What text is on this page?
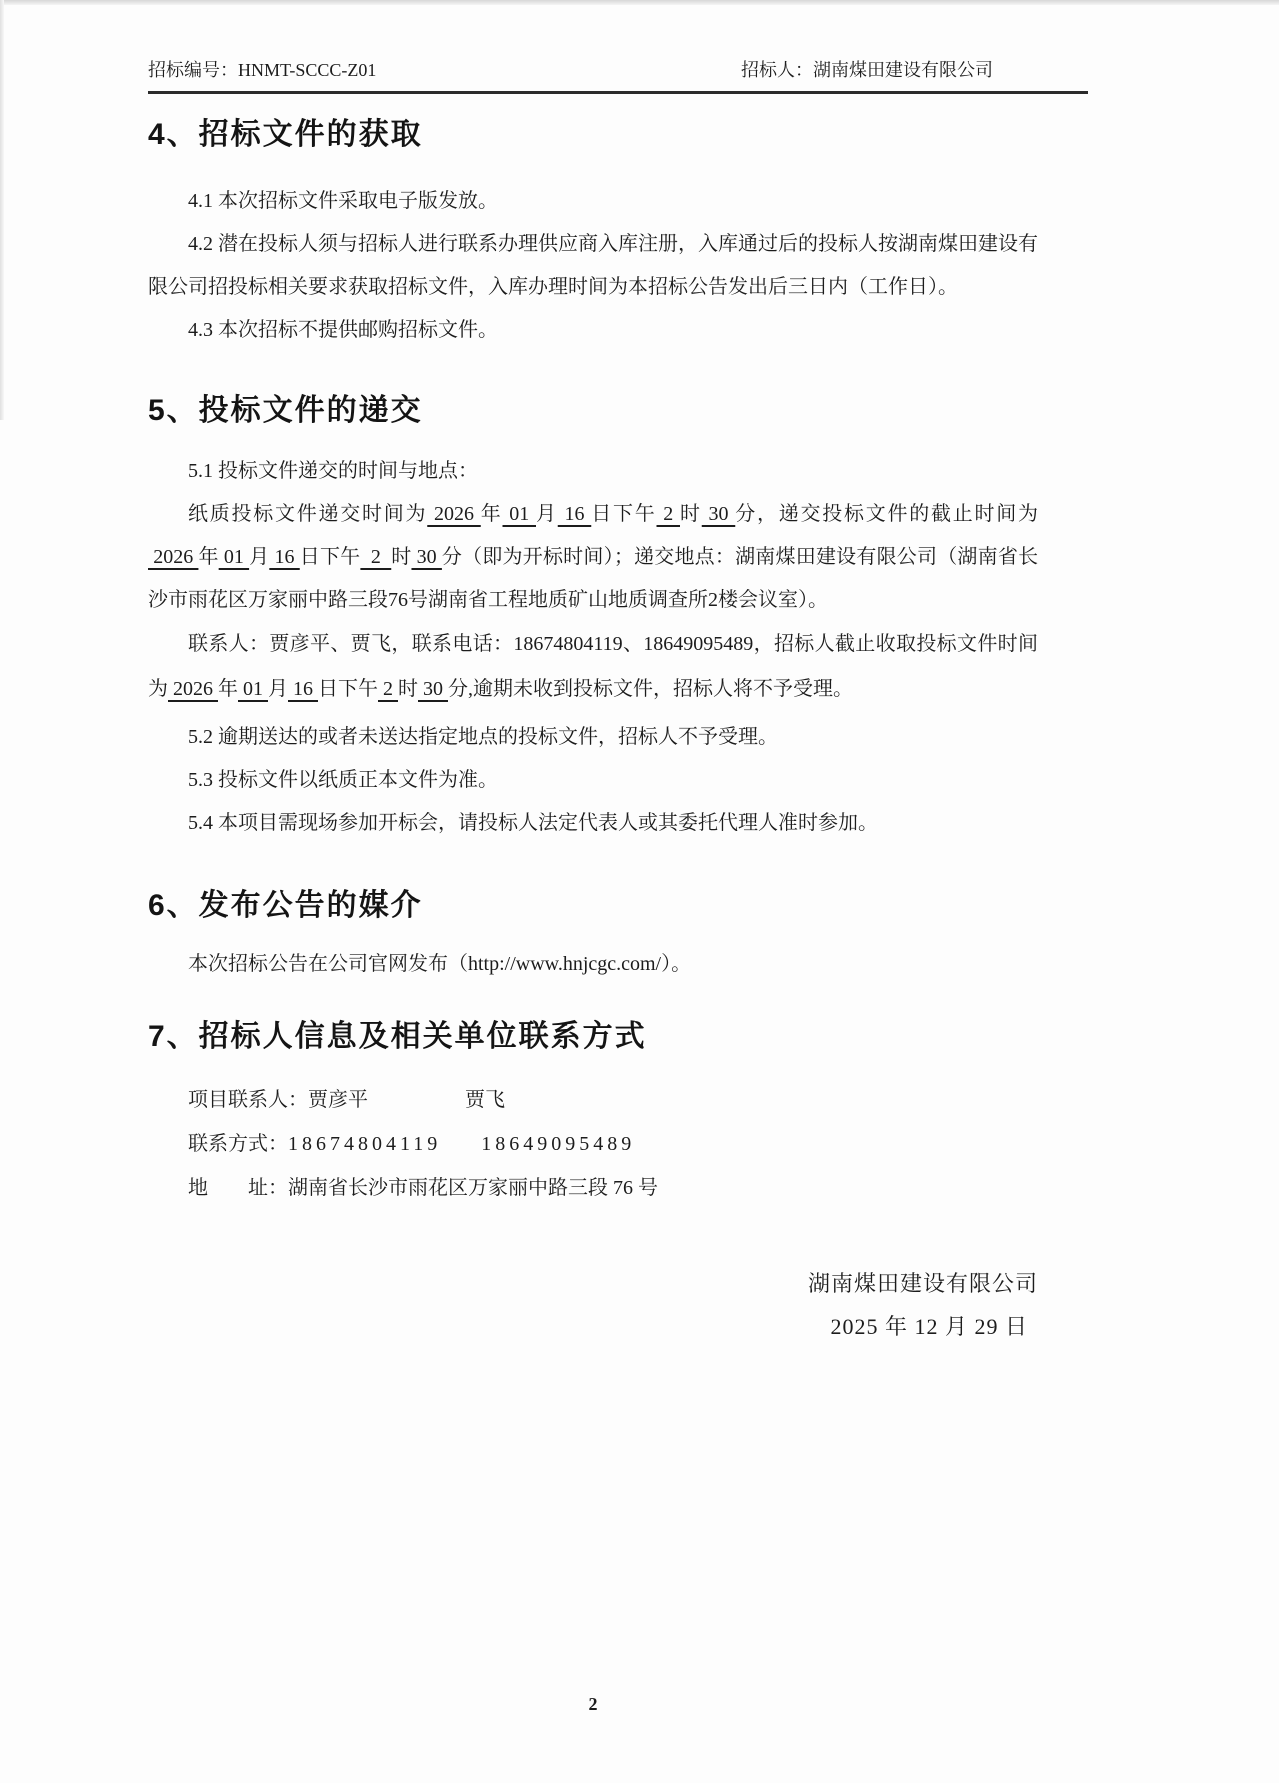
招标编号：HNMT-SCCC-Z01	招标人：湖南煤田建设有限公司
4、招标文件的获取

4.1 本次招标文件采取电子版发放。

4.2 潜在投标人须与招标人进行联系办理供应商入库注册，入库通过后的投标人按湖南煤田建设有限公司招投标相关要求获取招标文件，入库办理时间为本招标公告发出后三日内（工作日）。

4.3 本次招标不提供邮购招标文件。

5、投标文件的递交

5.1 投标文件递交的时间与地点：

纸质投标文件递交时间为 2026 年 01 月 16 日下午 2 时 30 分，递交投标文件的截止时间为  2026 年 01 月 16 日下午  2  时 30 分（即为开标时间）；递交地点：湖南煤田建设有限公司（湖南省长沙市雨花区万家丽中路三段76号湖南省工程地质矿山地质调查所2楼会议室）。

联系人：贾彦平、贾飞，联系电话：18674804119、18649095489，招标人截止收取投标文件时间为 2026 年 01 月 16 日下午 2 时 30 分,逾期未收到投标文件，招标人将不予受理。

5.2 逾期送达的或者未送达指定地点的投标文件，招标人不予受理。

5.3 投标文件以纸质正本文件为准。

5.4 本项目需现场参加开标会，请投标人法定代表人或其委托代理人准时参加。

6、发布公告的媒介

本次招标公告在公司官网发布（http://www.hnjcgc.com/）。

7、招标人信息及相关单位联系方式

项目联系人：贾彦平	贾飞

联系方式：18674804119 18649095489

地　　址：湖南省长沙市雨花区万家丽中路三段 76 号

湖南煤田建设有限公司
2025 年 12 月 29 日
2
